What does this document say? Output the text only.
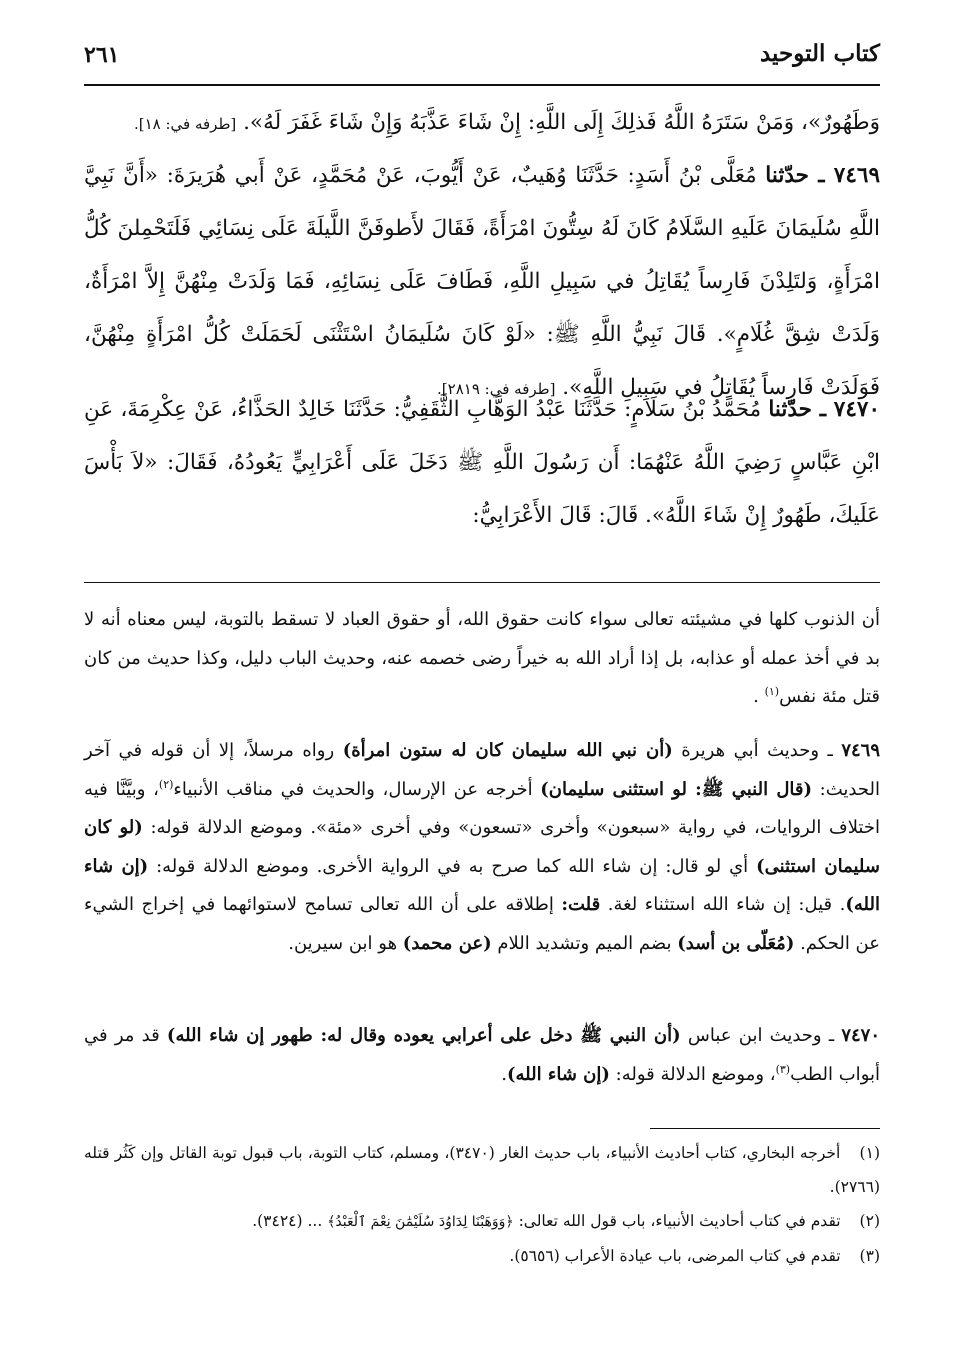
كتاب التوحيد
٢٦١
وَطَهُورٌ»، وَمَنْ سَتَرَهُ اللَّهُ فَذلِكَ إِلَى اللَّهِ: إِنْ شَاءَ عَذَّبَهُ وَإِنْ شَاءَ غَفَرَ لَهُ». [طرفه في: ١٨].
٧٤٦٩ ـ حدّثنا مُعَلَّى بْنُ أَسَدٍ: حَدَّثَنَا وُهَيبٌ، عَنْ أَيُّوبَ، عَنْ مُحَمَّدٍ، عَنْ أَبي هُرَيرَةَ: «أَنَّ نَبِيَّ اللَّهِ سُلَيمَانَ عَلَيهِ السَّلَامُ كَانَ لَهُ سِتُّونَ امْرَأَةً، فَقَالَ لأَطوفَنَّ اللَّيلَةَ عَلَى نِسَائِي فَلَتَحْمِلنَ كُلُّ امْرَأَةٍ، وَلتَلِدْنَ فَارِساً يُقَاتِلُ في سَبِيلِ اللَّهِ، فَطَافَ عَلَى نِسَائِهِ، فَمَا وَلَدَتْ مِنْهُنَّ إِلاَّ امْرَأَةٌ، وَلَدَتْ شِقَّ غُلَامٍ». قَالَ نَبِيُّ اللَّهِ ﷺ: «لَوْ كَانَ سُلَيمَانُ اسْتَثْنَى لَحَمَلَتْ كُلُّ امْرَأَةٍ مِنْهُنَّ، فَوَلَدَتْ فَارِساً يُقَاتِلُ في سَبِيلِ اللَّهِ». [طرفه في: ٢٨١٩].
٧٤٧٠ ـ حدّثنا مُحَمَّدُ بْنُ سَلَامٍ: حَدَّثَنَا عَبْدُ الوَهَّابِ الثَّقَفِيُّ: حَدَّثَنَا خَالِدٌ الحَذَّاءُ، عَنْ عِكْرِمَةَ، عَنِ ابْنِ عَبَّاسٍ رَضِيَ اللَّهُ عَنْهُمَا: أَن رَسُولَ اللَّهِ ﷺ دَخَلَ عَلَى أَعْرَابِيٍّ يَعُودُهُ، فَقَالَ: «لاَ بَأْسَ عَلَيكَ، طَهُورٌ إِنْ شَاءَ اللَّهُ». قَالَ: قَالَ الأَعْرَابِيُّ:
أن الذنوب كلها في مشيئته تعالى سواء كانت حقوق الله، أو حقوق العباد لا تسقط بالتوبة، ليس معناه أنه لا بد في أخذ عمله أو عذابه، بل إذا أراد الله به خيراً رضى خصمه عنه، وحديث الباب دليل، وكذا حديث من كان قتل مئة نفس$^{(١)}$ .
٧٤٦٩ ـ وحديث أبي هريرة (أن نبي الله سليمان كان له ستون امرأة) رواه مرسلاً، إلا أن قوله في آخر الحديث: (قال النبي ﷺ: لو استثنى سليمان) أخرجه عن الإرسال، والحديث في مناقب الأنبياء$^{(٢)}$، وبيَّنَّا فيه اختلاف الروايات، في رواية «سبعون» وأخرى «تسعون» وفي أخرى «مئة». وموضع الدلالة قوله: (لو كان سليمان استثنى) أي لو قال: إن شاء الله كما صرح به في الرواية الأخرى. وموضع الدلالة قوله: (إن شاء الله). قيل: إن شاء الله استثناء لغة. قلت: إطلاقه على أن الله تعالى تسامح لاستوائهما في إخراج الشيء عن الحكم. (مُعَلّى بن أسد) بضم الميم وتشديد اللام (عن محمد) هو ابن سيرين.
٧٤٧٠ ـ وحديث ابن عباس (أن النبي ﷺ دخل على أعرابي يعوده وقال له: طهور إن شاء الله) قد مر في أبواب الطب$^{(٣)}$، وموضع الدلالة قوله: (إن شاء الله).

(١) أخرجه البخاري، كتاب أحاديث الأنبياء، باب حديث الغار (٣٤٧٠)، ومسلم، كتاب التوبة، باب قبول توبة القاتل وإن كَثُر قتله (٢٧٦٦).

(٢) تقدم في كتاب أحاديث الأنبياء، باب قول الله تعالى: ﴿وَوَهَبْنَا لِدَاوُدَ سُلَيْمَٰنَ نِعْمَ ٱلْعَبْدُ﴾ ... (٣٤٢٤).

(٣) تقدم في كتاب المرضى، باب عيادة الأعراب (٥٦٥٦).
